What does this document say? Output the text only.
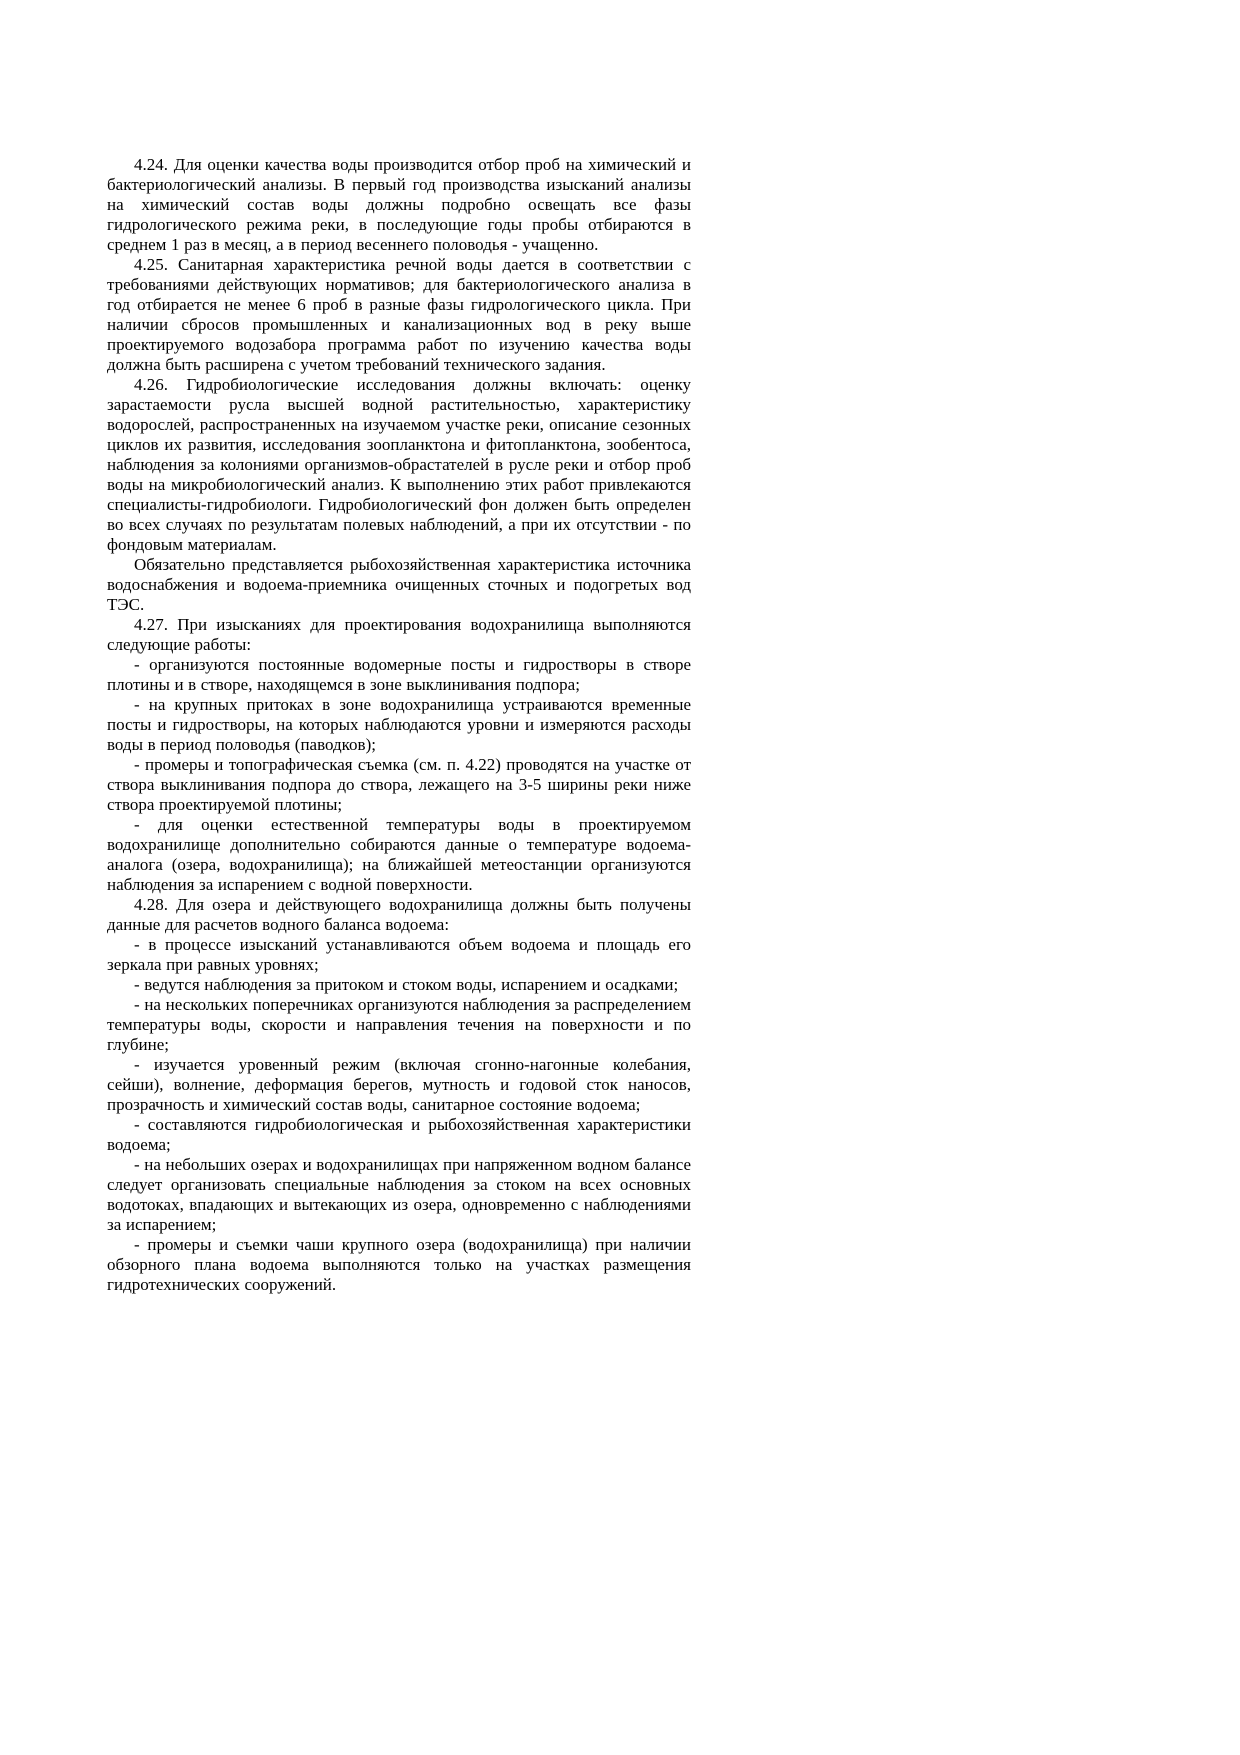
4.24. Для оценки качества воды производится отбор проб на химический и бактериологический анализы. В первый год производства изысканий анализы на химический состав воды должны подробно освещать все фазы гидрологического режима реки, в последующие годы пробы отбираются в среднем 1 раз в месяц, а в период весеннего половодья - учащенно.

4.25. Санитарная характеристика речной воды дается в соответствии с требованиями действующих нормативов; для бактериологического анализа в год отбирается не менее 6 проб в разные фазы гидрологического цикла. При наличии сбросов промышленных и канализационных вод в реку выше проектируемого водозабора программа работ по изучению качества воды должна быть расширена с учетом требований технического задания.

4.26. Гидробиологические исследования должны включать: оценку зарастаемости русла высшей водной растительностью, характеристику водорослей, распространенных на изучаемом участке реки, описание сезонных циклов их развития, исследования зоопланктона и фитопланктона, зообентоса, наблюдения за колониями организмов-обрастателей в русле реки и отбор проб воды на микробиологический анализ. К выполнению этих работ привлекаются специалисты-гидробиологи. Гидробиологический фон должен быть определен во всех случаях по результатам полевых наблюдений, а при их отсутствии - по фондовым материалам.

Обязательно представляется рыбохозяйственная характеристика источника водоснабжения и водоема-приемника очищенных сточных и подогретых вод ТЭС.

4.27. При изысканиях для проектирования водохранилища выполняются следующие работы:

- организуются постоянные водомерные посты и гидростворы в створе плотины и в створе, находящемся в зоне выклинивания подпора;

- на крупных притоках в зоне водохранилища устраиваются временные посты и гидростворы, на которых наблюдаются уровни и измеряются расходы воды в период половодья (паводков);

- промеры и топографическая съемка (см. п. 4.22) проводятся на участке от створа выклинивания подпора до створа, лежащего на 3-5 ширины реки ниже створа проектируемой плотины;

- для оценки естественной температуры воды в проектируемом водохранилище дополнительно собираются данные о температуре водоема-аналога (озера, водохранилища); на ближайшей метеостанции организуются наблюдения за испарением с водной поверхности.

4.28. Для озера и действующего водохранилища должны быть получены данные для расчетов водного баланса водоема:

- в процессе изысканий устанавливаются объем водоема и площадь его зеркала при равных уровнях;

- ведутся наблюдения за притоком и стоком воды, испарением и осадками;

- на нескольких поперечниках организуются наблюдения за распределением температуры воды, скорости и направления течения на поверхности и по глубине;

- изучается уровенный режим (включая сгонно-нагонные колебания, сейши), волнение, деформация берегов, мутность и годовой сток наносов, прозрачность и химический состав воды, санитарное состояние водоема;

- составляются гидробиологическая и рыбохозяйственная характеристики водоема;

- на небольших озерах и водохранилищах при напряженном водном балансе следует организовать специальные наблюдения за стоком на всех основных водотоках, впадающих и вытекающих из озера, одновременно с наблюдениями за испарением;

- промеры и съемки чаши крупного озера (водохранилища) при наличии обзорного плана водоема выполняются только на участках размещения гидротехнических сооружений.
